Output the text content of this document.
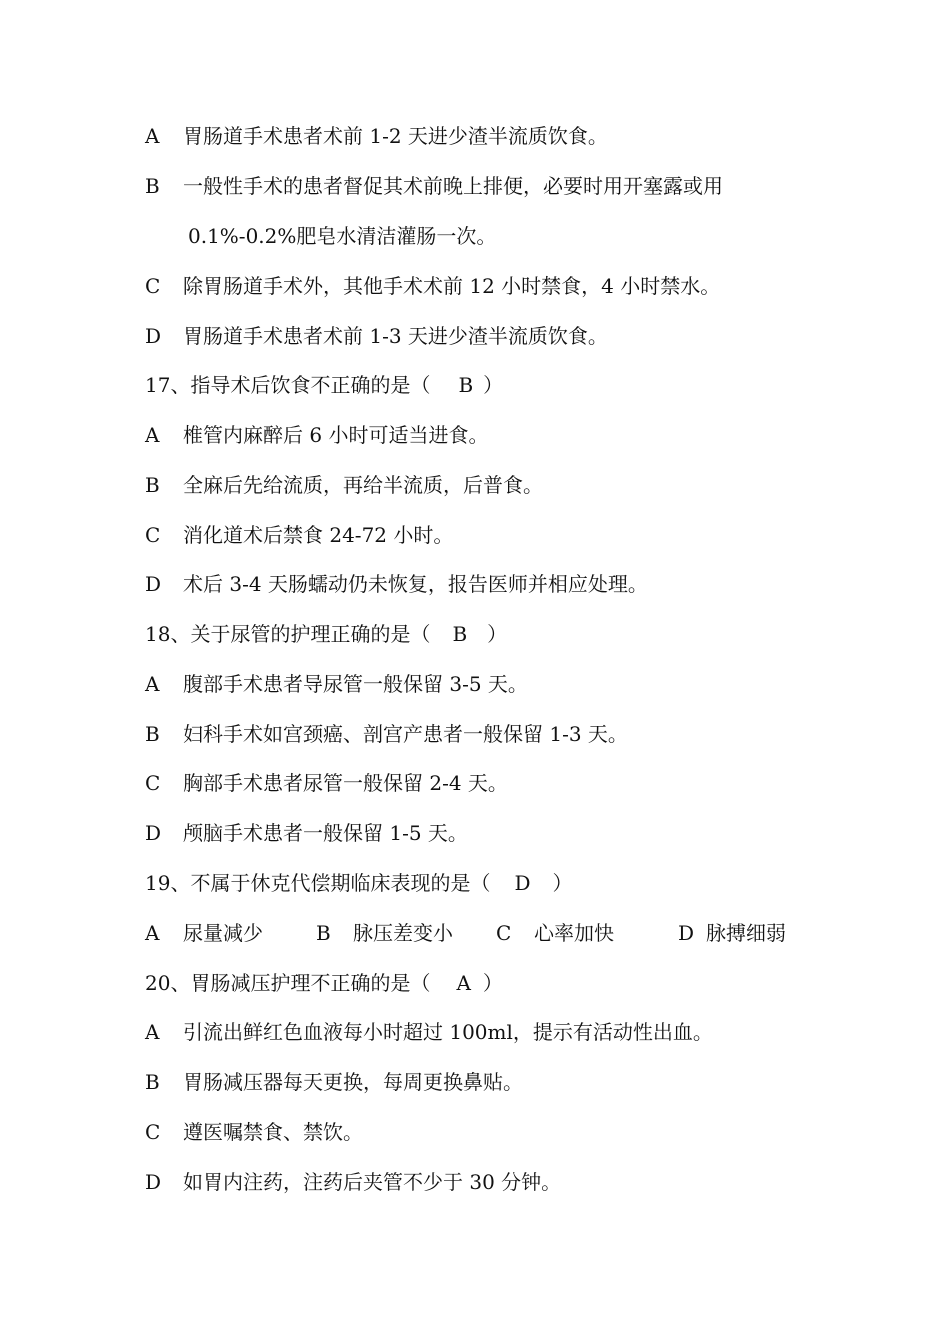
A 胃肠道手术患者术前 1-2 天进少渣半流质饮食。
B 一般性手术的患者督促其术前晚上排便，必要时用开塞露或用
0.1%-0.2%肥皂水清洁灌肠一次。
C 除胃肠道手术外，其他手术术前 12 小时禁食，4 小时禁水。
D 胃肠道手术患者术前 1-3 天进少渣半流质饮食。
17、指导术后饮食不正确的是（ B ）
A 椎管内麻醉后 6 小时可适当进食。
B 全麻后先给流质，再给半流质，后普食。
C 消化道术后禁食 24-72 小时。
D 术后 3-4 天肠蠕动仍未恢复，报告医师并相应处理。
18、关于尿管的护理正确的是（ B ）
A 腹部手术患者导尿管一般保留 3-5 天。
B 妇科手术如宫颈癌、剖宫产患者一般保留 1-3 天。
C 胸部手术患者尿管一般保留 2-4 天。
D 颅脑手术患者一般保留 1-5 天。
19、不属于休克代偿期临床表现的是（ D ）
A 尿量减少	B 脉压差变小 C 心率加快	D 脉搏细弱
20、胃肠减压护理不正确的是（ A ）
A 引流出鲜红色血液每小时超过 100ml，提示有活动性出血。
B 胃肠减压器每天更换，每周更换鼻贴。
C 遵医嘱禁食、禁饮。
D 如胃内注药，注药后夹管不少于 30 分钟。
